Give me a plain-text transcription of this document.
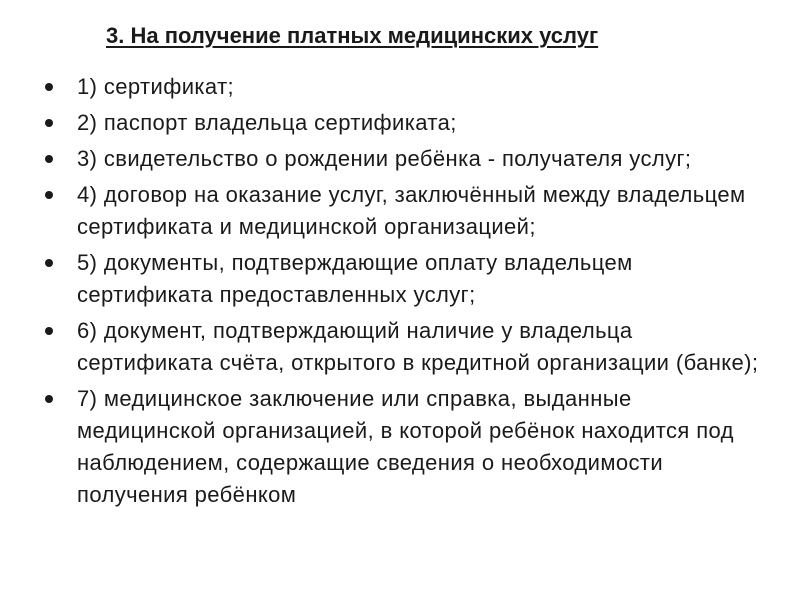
3. На получение платных медицинских услуг
1) сертификат;
2) паспорт владельца сертификата;
3) свидетельство о рождении ребёнка - получателя услуг;
4) договор на оказание услуг, заключённый между владельцем сертификата и медицинской организацией;
5) документы, подтверждающие оплату владельцем сертификата предоставленных услуг;
6) документ, подтверждающий наличие у владельца сертификата счёта, открытого в кредитной организации (банке);
7) медицинское заключение или справка, выданные медицинской организацией, в которой ребёнок находится под наблюдением, содержащие сведения о необходимости получения ребёнком
